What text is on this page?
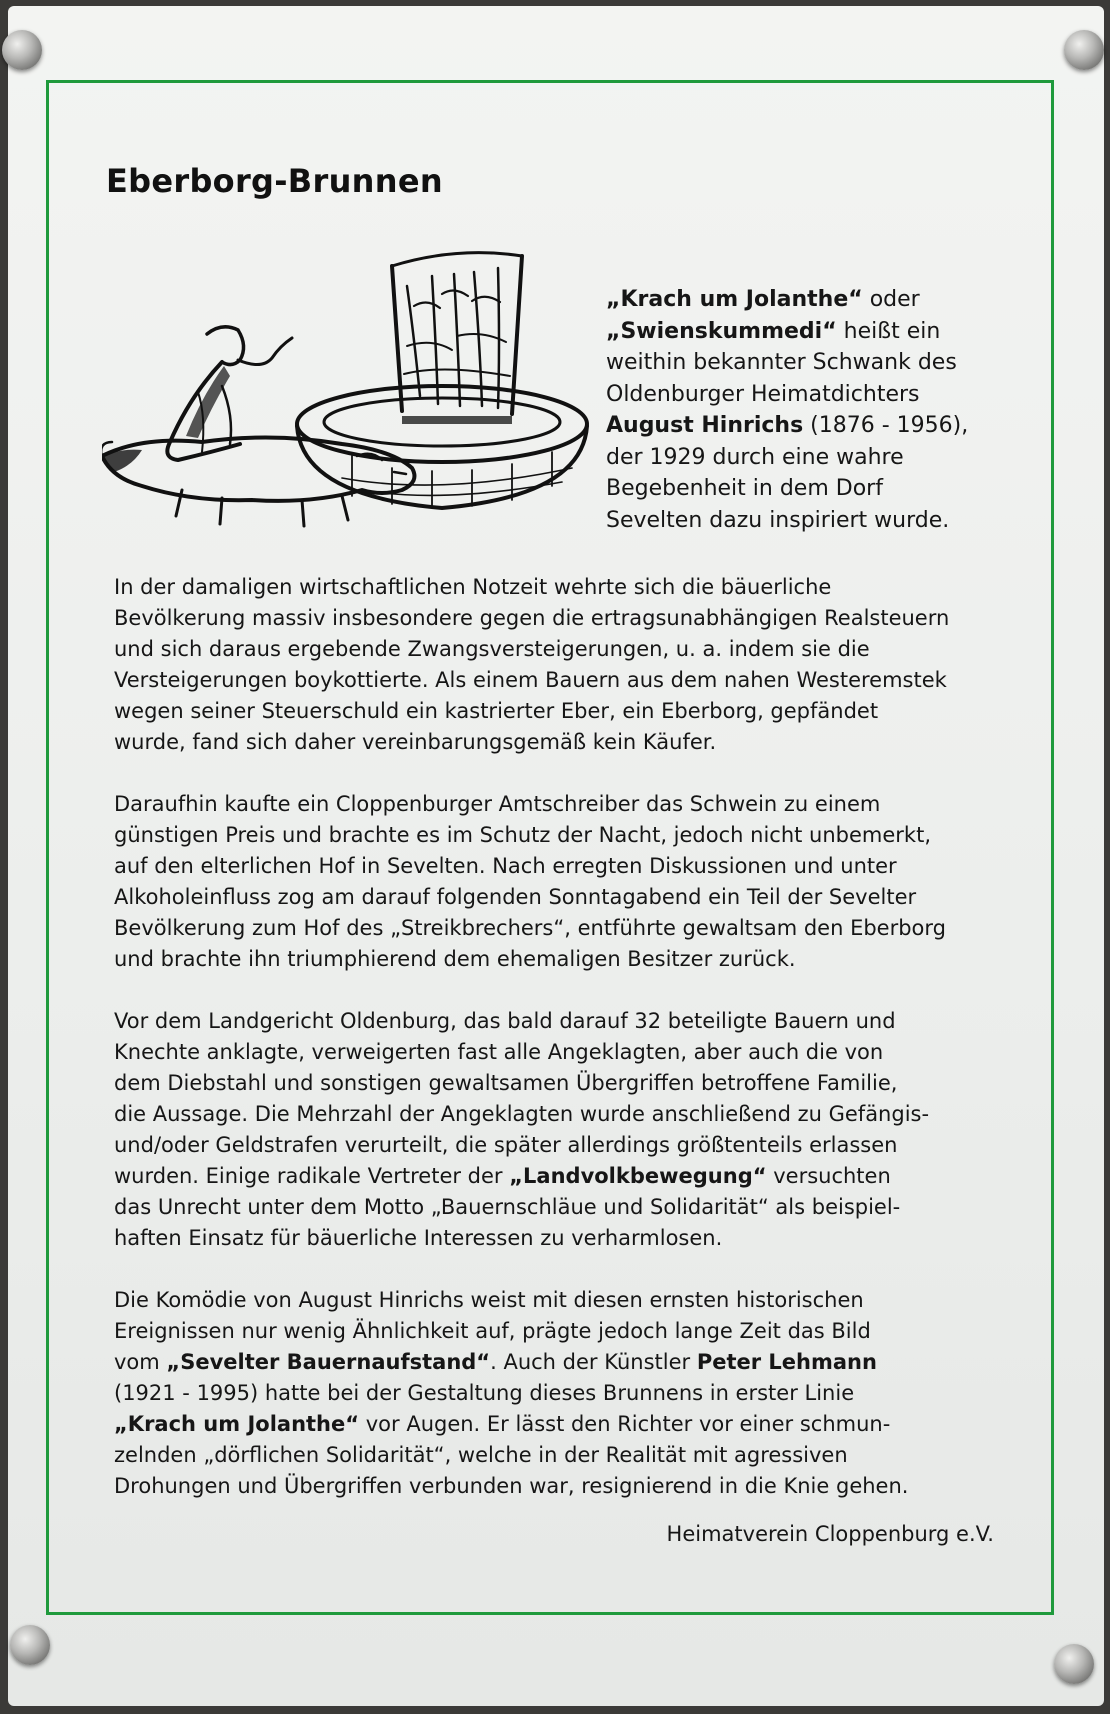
Eberborg-Brunnen
„Krach um Jolanthe“ oder
„Swienskummedi“ heißt ein
weithin bekannter Schwank des
Oldenburger Heimatdichters
August Hinrichs (1876 - 1956),
der 1929 durch eine wahre
Begebenheit in dem Dorf
Sevelten dazu inspiriert wurde.

In der damaligen wirtschaftlichen Notzeit wehrte sich die bäuerliche
Bevölkerung massiv insbesondere gegen die ertragsunabhängigen Realsteuern
und sich daraus ergebende Zwangsversteigerungen, u. a. indem sie die
Versteigerungen boykottierte. Als einem Bauern aus dem nahen Westeremstek
wegen seiner Steuerschuld ein kastrierter Eber, ein Eberborg, gepfändet
wurde, fand sich daher vereinbarungsgemäß kein Käufer.

Daraufhin kaufte ein Cloppenburger Amtschreiber das Schwein zu einem
günstigen Preis und brachte es im Schutz der Nacht, jedoch nicht unbemerkt,
auf den elterlichen Hof in Sevelten. Nach erregten Diskussionen und unter
Alkoholeinfluss zog am darauf folgenden Sonntagabend ein Teil der Sevelter
Bevölkerung zum Hof des „Streikbrechers“, entführte gewaltsam den Eberborg
und brachte ihn triumphierend dem ehemaligen Besitzer zurück.

Vor dem Landgericht Oldenburg, das bald darauf 32 beteiligte Bauern und
Knechte anklagte, verweigerten fast alle Angeklagten, aber auch die von
dem Diebstahl und sonstigen gewaltsamen Übergriffen betroffene Familie,
die Aussage. Die Mehrzahl der Angeklagten wurde anschließend zu Gefängis-
und/oder Geldstrafen verurteilt, die später allerdings größtenteils erlassen
wurden. Einige radikale Vertreter der „Landvolkbewegung“ versuchten
das Unrecht unter dem Motto „Bauernschläue und Solidarität“ als beispiel-
haften Einsatz für bäuerliche Interessen zu verharmlosen.

Die Komödie von August Hinrichs weist mit diesen ernsten historischen
Ereignissen nur wenig Ähnlichkeit auf, prägte jedoch lange Zeit das Bild
vom „Sevelter Bauernaufstand“. Auch der Künstler Peter Lehmann
(1921 - 1995) hatte bei der Gestaltung dieses Brunnens in erster Linie
„Krach um Jolanthe“ vor Augen. Er lässt den Richter vor einer schmun-
zelnden „dörflichen Solidarität“, welche in der Realität mit agressiven
Drohungen und Übergriffen verbunden war, resignierend in die Knie gehen.

Heimatverein Cloppenburg e.V.
